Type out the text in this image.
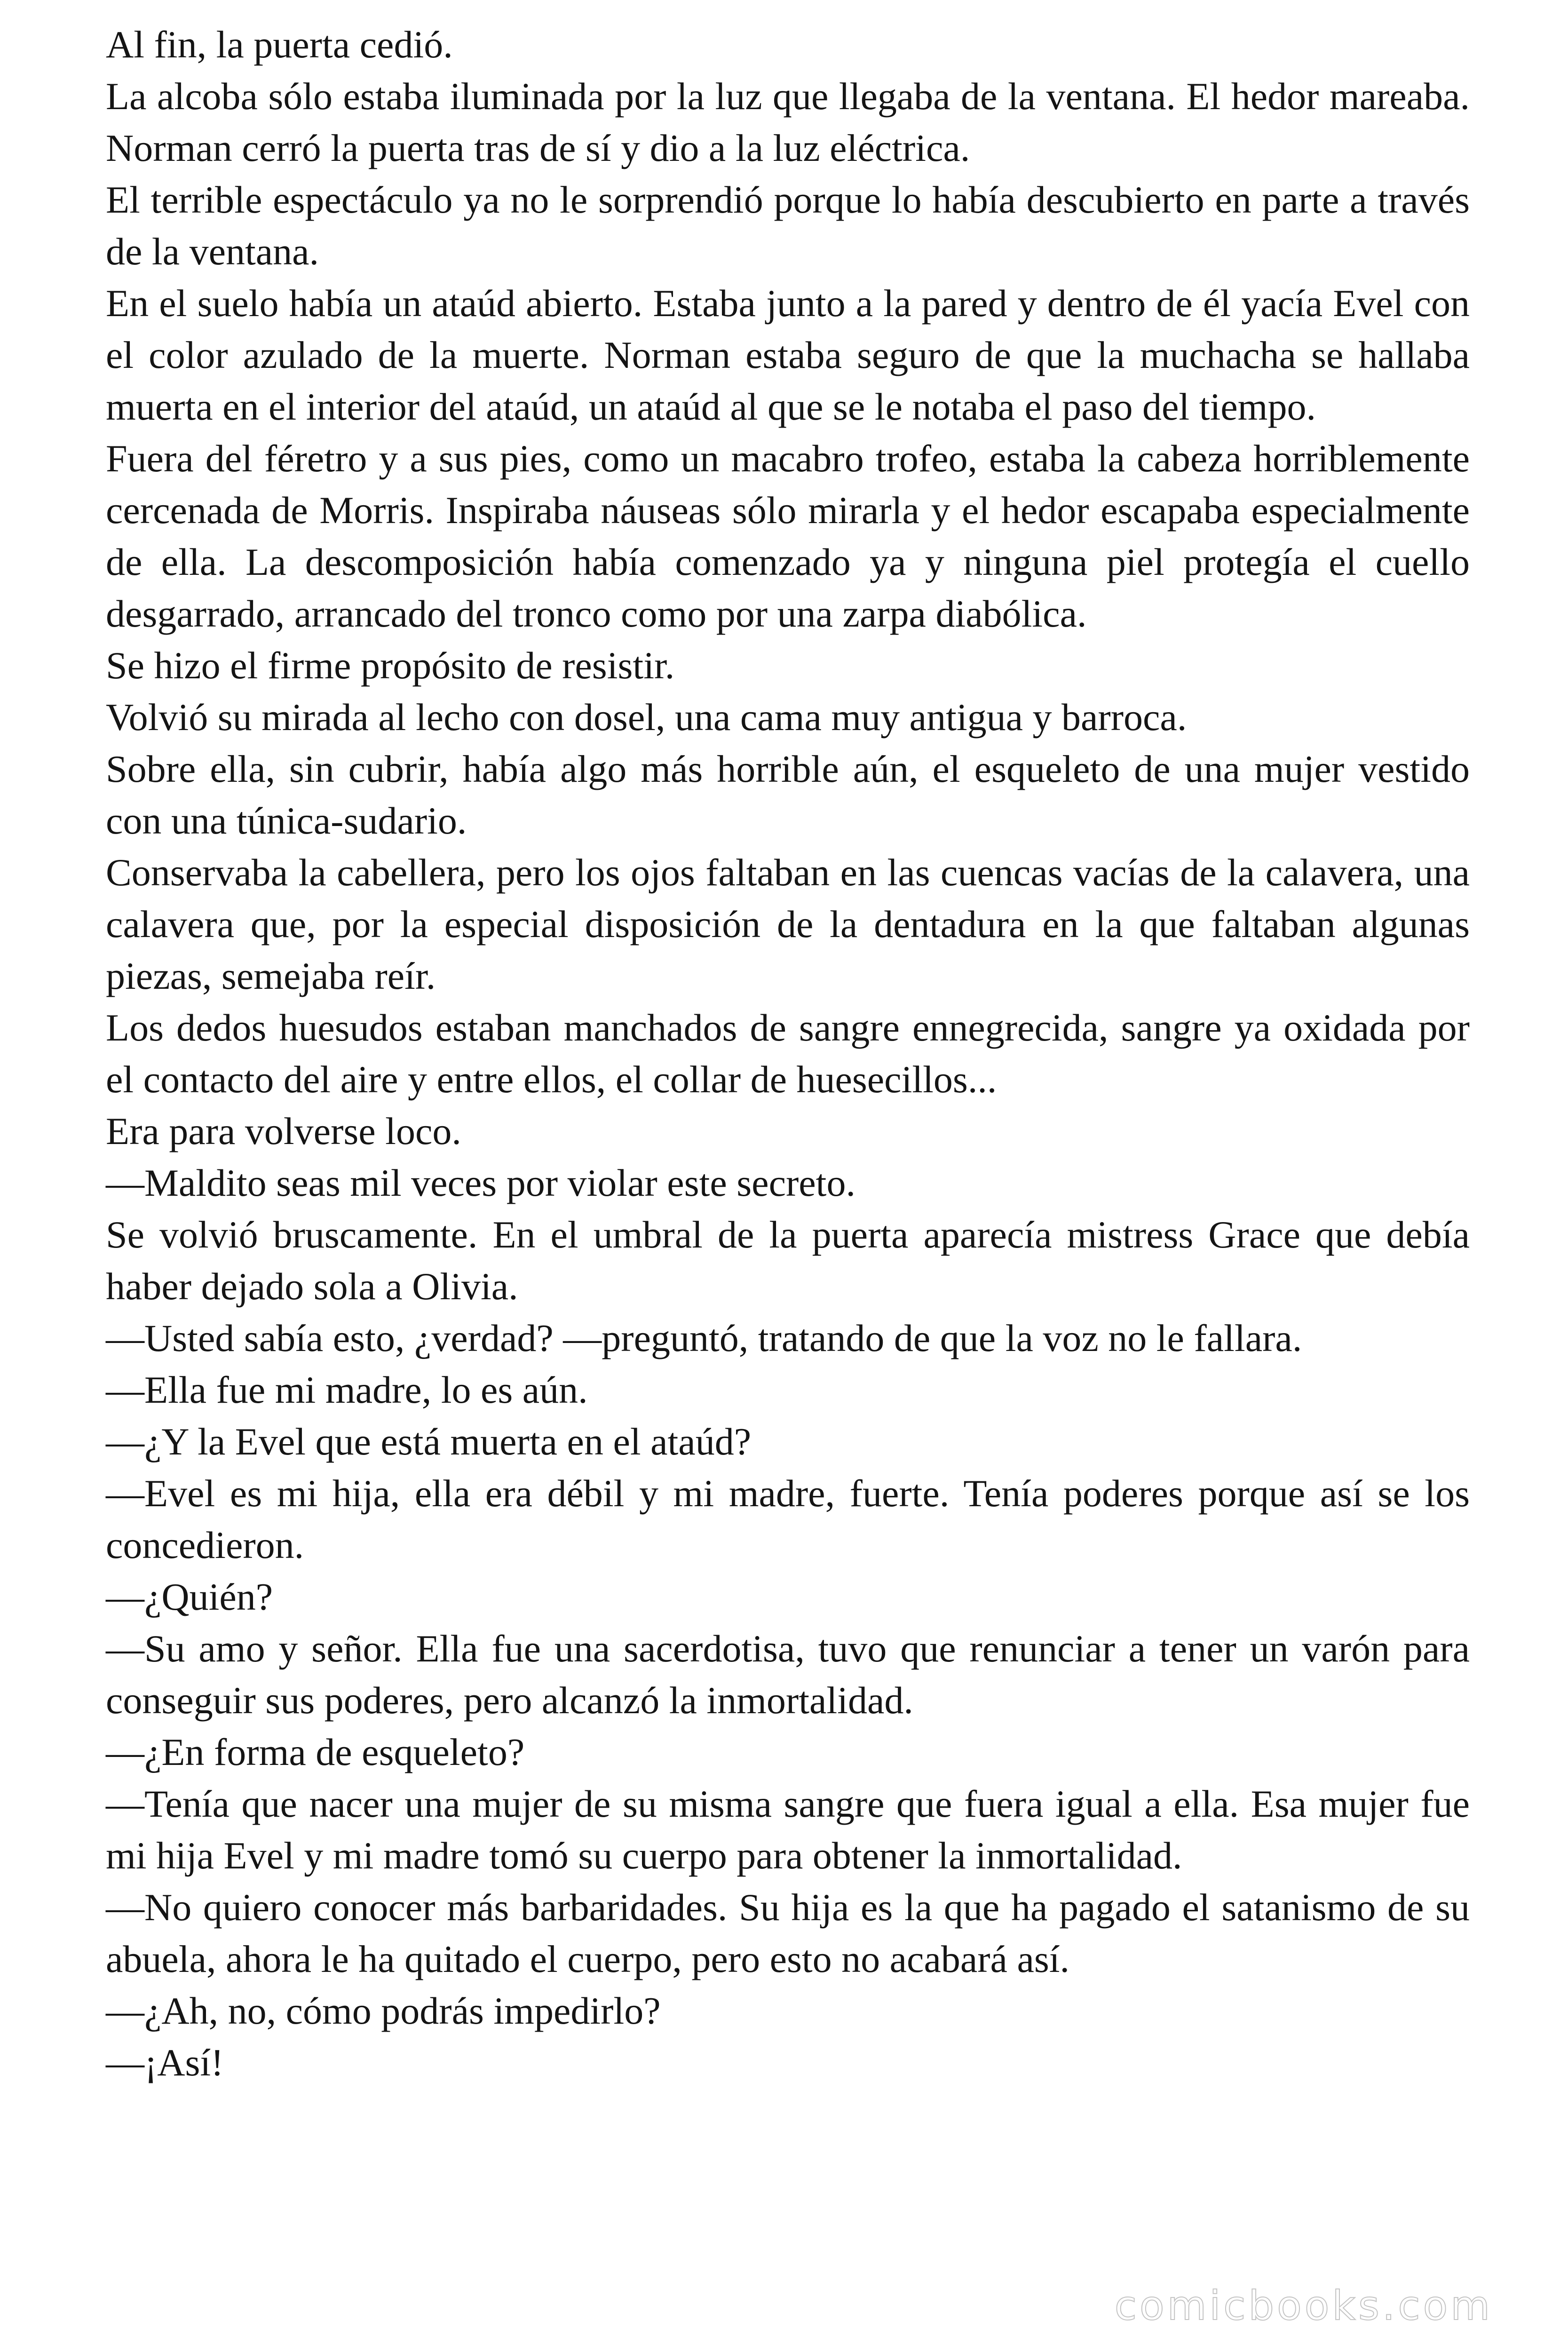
Al fin, la puerta cedió.

La alcoba sólo estaba iluminada por la luz que llegaba de la ventana. El hedor mareaba. Norman cerró la puerta tras de sí y dio a la luz eléctrica.

El terrible espectáculo ya no le sorprendió porque lo había descubierto en parte a través de la ventana.

En el suelo había un ataúd abierto. Estaba junto a la pared y dentro de él yacía Evel con el color azulado de la muerte. Norman estaba seguro de que la muchacha se hallaba muerta en el interior del ataúd, un ataúd al que se le notaba el paso del tiempo.

Fuera del féretro y a sus pies, como un macabro trofeo, estaba la cabeza horriblemente cercenada de Morris. Inspiraba náuseas sólo mirarla y el hedor escapaba especialmente de ella. La descomposición había comenzado ya y ninguna piel protegía el cuello desgarrado, arrancado del tronco como por una zarpa diabólica.

Se hizo el firme propósito de resistir.

Volvió su mirada al lecho con dosel, una cama muy antigua y barroca.

Sobre ella, sin cubrir, había algo más horrible aún, el esqueleto de una mujer vestido con una túnica-sudario.

Conservaba la cabellera, pero los ojos faltaban en las cuencas vacías de la calavera, una calavera que, por la especial disposición de la dentadura en la que faltaban algunas piezas, semejaba reír.

Los dedos huesudos estaban manchados de sangre ennegrecida, sangre ya oxidada por el contacto del aire y entre ellos, el collar de huesecillos...

Era para volverse loco.

—Maldito seas mil veces por violar este secreto.

Se volvió bruscamente. En el umbral de la puerta aparecía mistress Grace que debía haber dejado sola a Olivia.

—Usted sabía esto, ¿verdad? —preguntó, tratando de que la voz no le fallara.

—Ella fue mi madre, lo es aún.

—¿Y la Evel que está muerta en el ataúd?

—Evel es mi hija, ella era débil y mi madre, fuerte. Tenía poderes porque así se los concedieron.

—¿Quién?

—Su amo y señor. Ella fue una sacerdotisa, tuvo que renunciar a tener un varón para conseguir sus poderes, pero alcanzó la inmortalidad.

—¿En forma de esqueleto?

—Tenía que nacer una mujer de su misma sangre que fuera igual a ella. Esa mujer fue mi hija Evel y mi madre tomó su cuerpo para obtener la inmortalidad.

—No quiero conocer más barbaridades. Su hija es la que ha pagado el satanismo de su abuela, ahora le ha quitado el cuerpo, pero esto no acabará así.

—¿Ah, no, cómo podrás impedirlo?

—¡Así!

comicbooks.com
